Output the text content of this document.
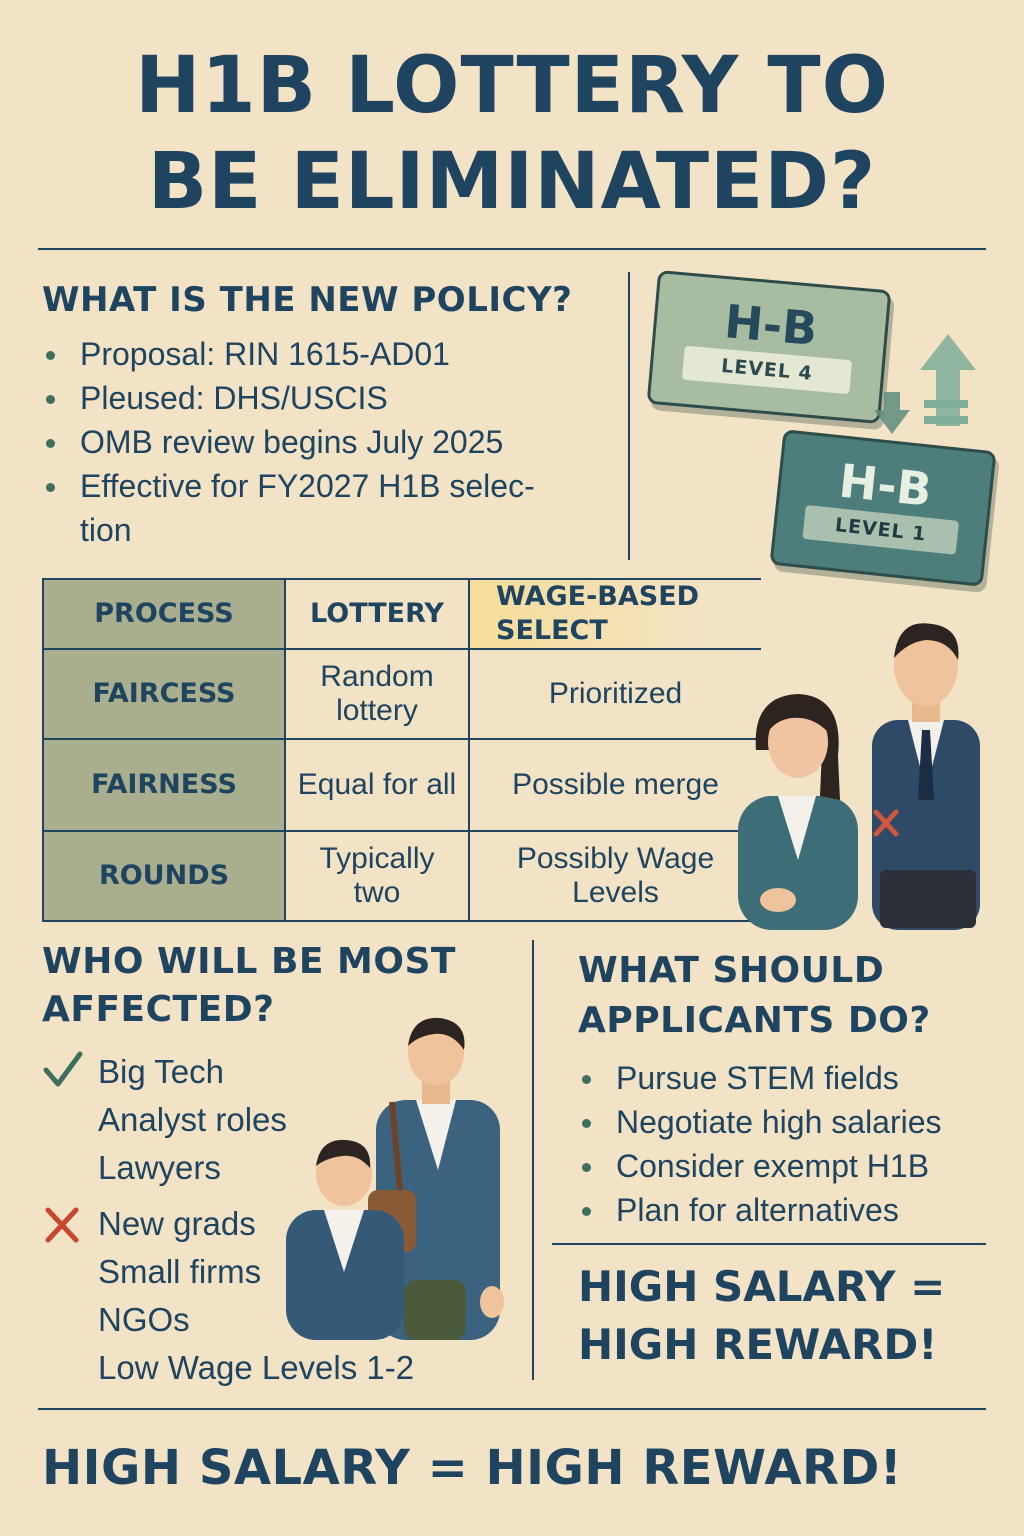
H1B LOTTERY TO
BE ELIMINATED?
WHAT IS THE NEW POLICY?
Proposal: RIN 1615-AD01
Pleused: DHS/USCIS
OMB review begins July 2025
Effective for FY2027 H1B selec-
tion
H-B
LEVEL 4
H-B
LEVEL 1
PROCESS	LOTTERY	WAGE-BASED SELECT
FAIRCESS	Random lottery	Prioritized
FAIRNESS	Equal for all	Possible merge
ROUNDS	Typically two	Possibly Wage Levels
WHO WILL BE MOST
AFFECTED?
Big Tech
Analyst roles
Lawyers
New grads
Small firms
NGOs
Low Wage Levels 1-2
WHAT SHOULD
APPLICANTS DO?
Pursue STEM fields
Negotiate high salaries
Consider exempt H1B
Plan for alternatives
HIGH SALARY =
HIGH REWARD!
HIGH SALARY = HIGH REWARD!
